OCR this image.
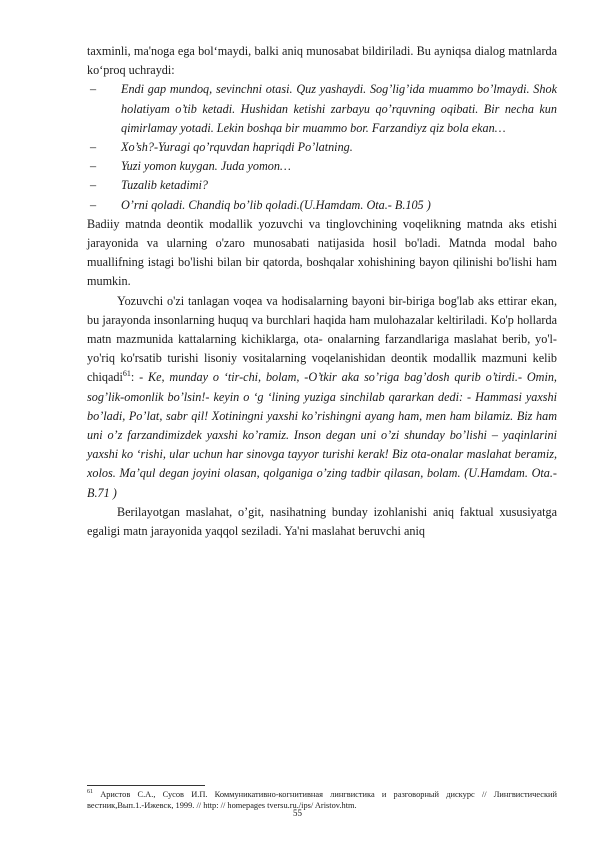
taxminli, ma'noga ega bol‘maydi, balki aniq munosabat bildiriladi. Bu ayniqsa dialog matnlarda ko‘proq uchraydi:

– Endi gap mundoq, sevinchni otasi. Quz yashaydi. Sog’lig’ida muammo bo’lmaydi. Shok holatiyam o’tib ketadi. Hushidan ketishi zarbayu qo’rquvning oqibati. Bir necha kun qimirlamay yotadi. Lekin boshqa bir muammo bor. Farzandiyz qiz bola ekan…
– Xo’sh?-Yuragi qo’rquvdan hapriqdi Po’latning.
– Yuzi yomon kuygan. Juda yomon…
– Tuzalib ketadimi?
– O’rni qoladi. Chandiq bo’lib qoladi.(U.Hamdam. Ota.- B.105 )

Badiiy matnda deontik modallik yozuvchi va tinglovchining voqelikning matnda aks etishi jarayonida va ularning o'zaro munosabati natijasida hosil bo'ladi. Matnda modal baho muallifning istagi bo'lishi bilan bir qatorda, boshqalar xohishining bayon qilinishi bo'lishi ham mumkin.

Yozuvchi o'zi tanlagan voqea va hodisalarning bayoni bir-biriga bog'lab aks ettirar ekan, bu jarayonda insonlarning huquq va burchlari haqida ham mulohazalar keltiriladi. Ko'p hollarda matn mazmunida kattalarning kichiklarga, ota- onalarning farzandlariga maslahat berib, yo'l-yo'riq ko'rsatib turishi lisoniy vositalarning voqelanishidan deontik modallik mazmuni kelib chiqadi$^{61}$: - Ke, munday o ‘tir-chi, bolam, -O’tkir aka so’riga bag’dosh qurib o’tirdi.- Omin, sog’lik-omonlik bo’lsin!- keyin o ‘g ‘lining yuziga sinchilab qararkan dedi: - Hammasi yaxshi bo’ladi, Po’lat, sabr qil! Xotiningni yaxshi ko’rishingni ayang ham, men ham bilamiz. Biz ham uni o’z farzandimizdek yaxshi ko’ramiz. Inson degan uni o’zi shunday bo’lishi – yaqinlarini yaxshi ko ‘rishi, ular uchun har sinovga tayyor turishi kerak! Biz ota-onalar maslahat beramiz, xolos. Ma’qul degan joyini olasan, qolganiga o’zing tadbir qilasan, bolam. (U.Hamdam. Ota.- B.71 )

Berilayotgan maslahat, o’git, nasihatning bunday izohlanishi aniq faktual xususiyatga egaligi matn jarayonida yaqqol seziladi. Ya'ni maslahat beruvchi aniq

$^{61}$ Аристов С.А., Сусов И.П. Коммуникативно-когнитивная лингвистика и разговорный дискурс // Лингвистический вестник,Вып.1.-Ижевск, 1999. // http: // homepages tversu.ru./ips/ Aristov.htm.
55
